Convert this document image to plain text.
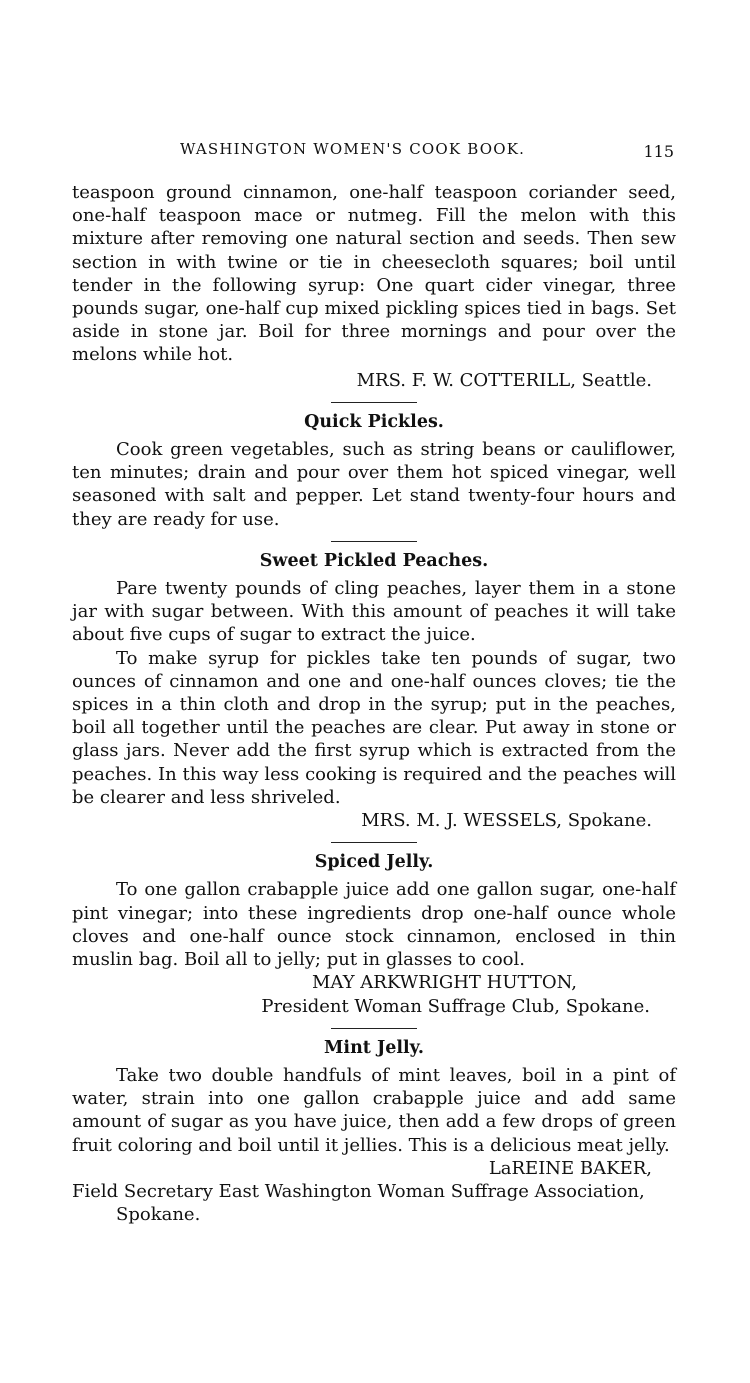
WASHINGTON WOMEN'S COOK BOOK.	115

teaspoon ground cinnamon, one-half teaspoon coriander seed, one-half teaspoon mace or nutmeg. Fill the melon with this mixture after removing one natural section and seeds. Then sew section in with twine or tie in cheesecloth squares; boil until tender in the following syrup: One quart cider vinegar, three pounds sugar, one-half cup mixed pickling spices tied in bags. Set aside in stone jar. Boil for three mornings and pour over the melons while hot.

MRS. F. W. COTTERILL, Seattle.

Quick Pickles.

Cook green vegetables, such as string beans or cauliflower, ten minutes; drain and pour over them hot spiced vinegar, well seasoned with salt and pepper. Let stand twenty-four hours and they are ready for use.

Sweet Pickled Peaches.

Pare twenty pounds of cling peaches, layer them in a stone jar with sugar between. With this amount of peaches it will take about five cups of sugar to extract the juice.

To make syrup for pickles take ten pounds of sugar, two ounces of cinnamon and one and one-half ounces cloves; tie the spices in a thin cloth and drop in the syrup; put in the peaches, boil all together until the peaches are clear. Put away in stone or glass jars. Never add the first syrup which is extracted from the peaches. In this way less cooking is required and the peaches will be clearer and less shriveled.

MRS. M. J. WESSELS, Spokane.

Spiced Jelly.

To one gallon crabapple juice add one gallon sugar, one-half pint vinegar; into these ingredients drop one-half ounce whole cloves and one-half ounce stock cinnamon, enclosed in thin muslin bag. Boil all to jelly; put in glasses to cool.

MAY ARKWRIGHT HUTTON,

President Woman Suffrage Club, Spokane.

Mint Jelly.

Take two double handfuls of mint leaves, boil in a pint of water, strain into one gallon crabapple juice and add same amount of sugar as you have juice, then add a few drops of green fruit coloring and boil until it jellies. This is a delicious meat jelly.

LaREINE BAKER,

Field Secretary East Washington Woman Suffrage Association, Spokane.
